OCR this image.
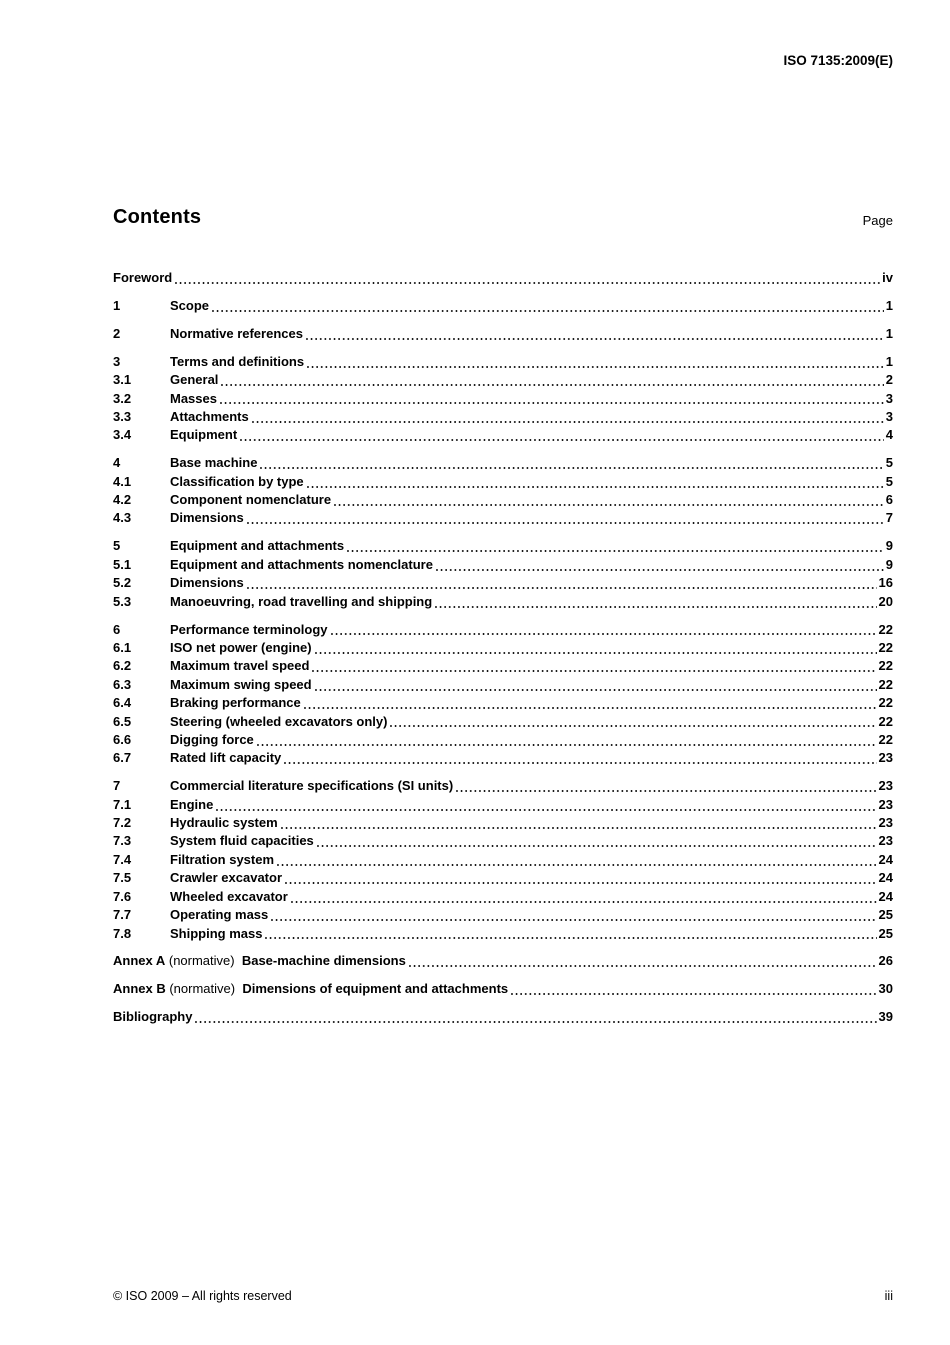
ISO 7135:2009(E)
Contents	Page
Foreword	iv
1	Scope	1
2	Normative references	1
3	Terms and definitions	1
3.1	General	2
3.2	Masses	3
3.3	Attachments	3
3.4	Equipment	4
4	Base machine	5
4.1	Classification by type	5
4.2	Component nomenclature	6
4.3	Dimensions	7
5	Equipment and attachments	9
5.1	Equipment and attachments nomenclature	9
5.2	Dimensions	16
5.3	Manoeuvring, road travelling and shipping	20
6	Performance terminology	22
6.1	ISO net power (engine)	22
6.2	Maximum travel speed	22
6.3	Maximum swing speed	22
6.4	Braking performance	22
6.5	Steering (wheeled excavators only)	22
6.6	Digging force	22
6.7	Rated lift capacity	23
7	Commercial literature specifications (SI units)	23
7.1	Engine	23
7.2	Hydraulic system	23
7.3	System fluid capacities	23
7.4	Filtration system	24
7.5	Crawler excavator	24
7.6	Wheeled excavator	24
7.7	Operating mass	25
7.8	Shipping mass	25
Annex A (normative)  Base-machine dimensions	26
Annex B (normative)  Dimensions of equipment and attachments	30
Bibliography	39
© ISO 2009 – All rights reserved	iii
